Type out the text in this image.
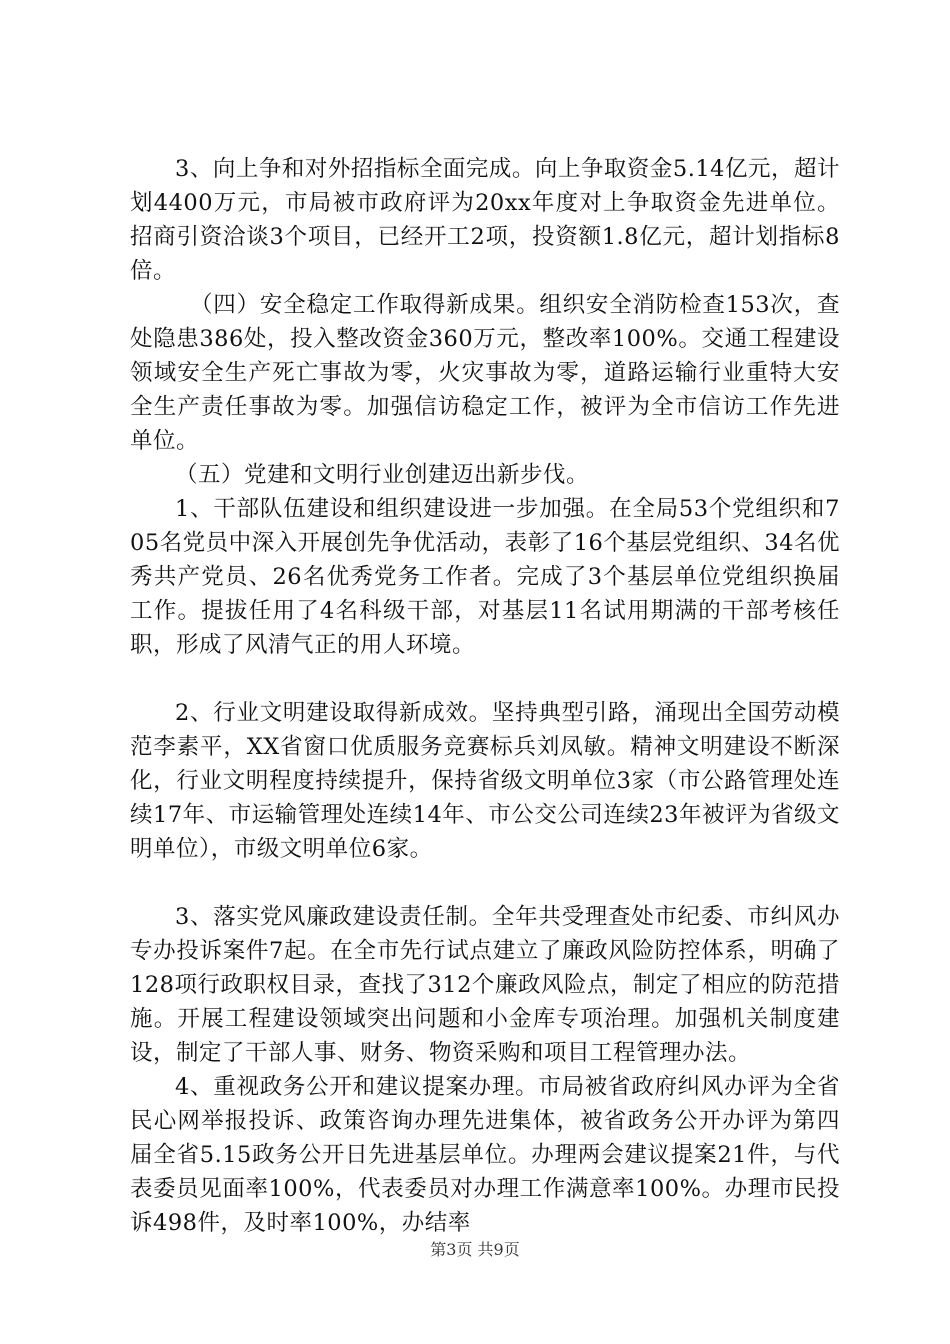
3、向上争和对外招指标全面完成。向上争取资金5.14亿元，超计划4400万元，市局被市政府评为20xx年度对上争取资金先进单位。招商引资洽谈3个项目，已经开工2项，投资额1.8亿元，超计划指标8倍。

（四）安全稳定工作取得新成果。组织安全消防检查153次，查处隐患386处，投入整改资金360万元，整改率100%。交通工程建设领域安全生产死亡事故为零，火灾事故为零，道路运输行业重特大安全生产责任事故为零。加强信访稳定工作，被评为全市信访工作先进单位。

（五）党建和文明行业创建迈出新步伐。

1、干部队伍建设和组织建设进一步加强。在全局53个党组织和705名党员中深入开展创先争优活动，表彰了16个基层党组织、34名优秀共产党员、26名优秀党务工作者。完成了3个基层单位党组织换届工作。提拔任用了4名科级干部，对基层11名试用期满的干部考核任职，形成了风清气正的用人环境。

2、行业文明建设取得新成效。坚持典型引路，涌现出全国劳动模范李素平，XX省窗口优质服务竞赛标兵刘凤敏。精神文明建设不断深化，行业文明程度持续提升，保持省级文明单位3家（市公路管理处连续17年、市运输管理处连续14年、市公交公司连续23年被评为省级文明单位），市级文明单位6家。

3、落实党风廉政建设责任制。全年共受理查处市纪委、市纠风办专办投诉案件7起。在全市先行试点建立了廉政风险防控体系，明确了128项行政职权目录，查找了312个廉政风险点，制定了相应的防范措施。开展工程建设领域突出问题和小金库专项治理。加强机关制度建设，制定了干部人事、财务、物资采购和项目工程管理办法。

4、重视政务公开和建议提案办理。市局被省政府纠风办评为全省民心网举报投诉、政策咨询办理先进集体，被省政务公开办评为第四届全省5.15政务公开日先进基层单位。办理两会建议提案21件，与代表委员见面率100%，代表委员对办理工作满意率100%。办理市民投诉498件，及时率100%，办结率

第3页 共9页
